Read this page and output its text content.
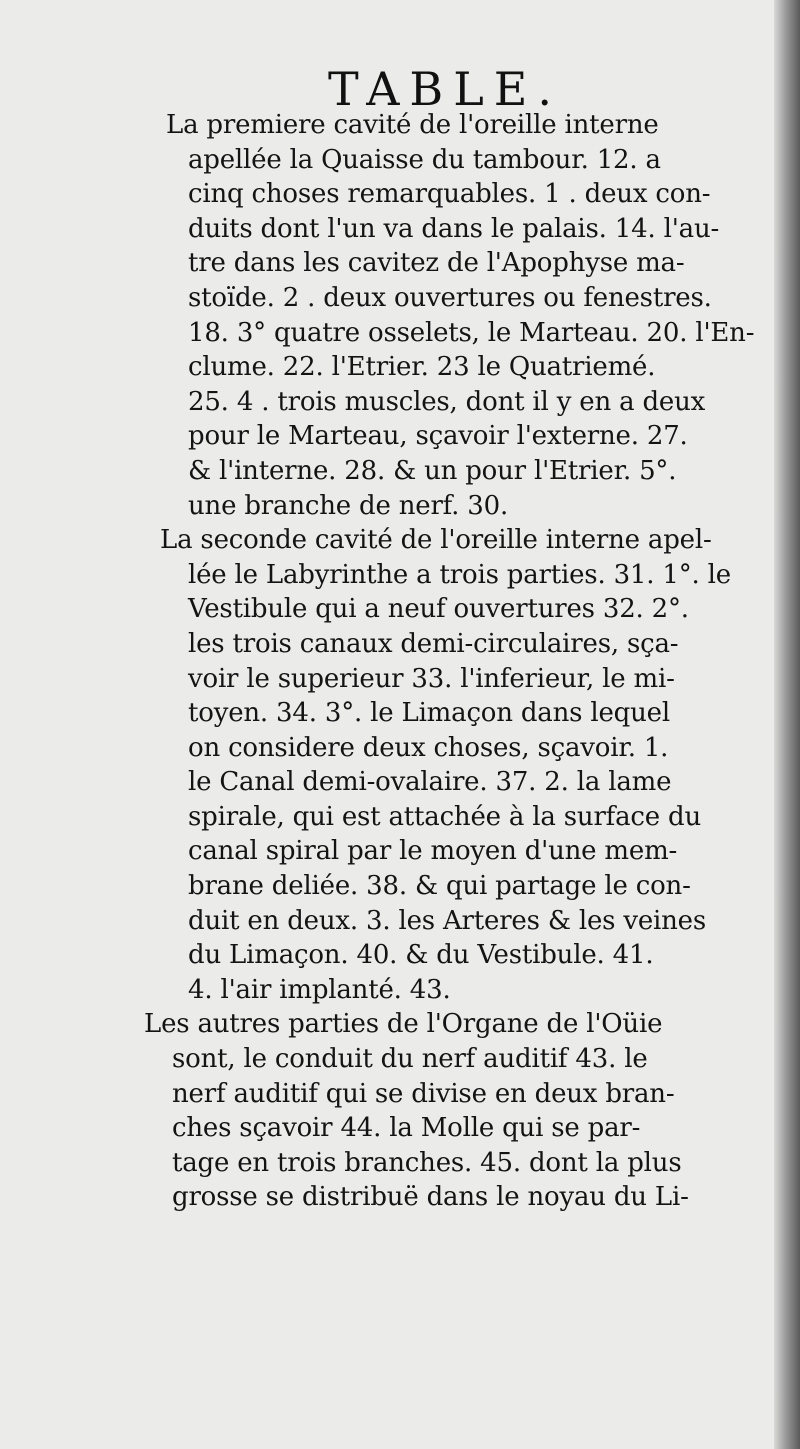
TABLE.
La premiere cavité de l'oreille interne
apellée la Quaisse du tambour. 12. a
cinq choses remarquables. 1 . deux con-
duits dont l'un va dans le palais. 14. l'au-
tre dans les cavitez de l'Apophyse ma-
stoïde. 2 . deux ouvertures ou fenestres.
18. 3° quatre osselets, le Marteau. 20. l'En-
clume. 22. l'Etrier. 23 le Quatriemé.
25. 4 . trois muscles, dont il y en a deux
pour le Marteau, sçavoir l'externe. 27.
& l'interne. 28. & un pour l'Etrier. 5°.
une branche de nerf. 30.
La seconde cavité de l'oreille interne apel-
lée le Labyrinthe a trois parties. 31. 1°. le
Vestibule qui a neuf ouvertures 32. 2°.
les trois canaux demi-circulaires, sça-
voir le superieur 33. l'inferieur, le mi-
toyen. 34. 3°. le Limaçon dans lequel
on considere deux choses, sçavoir. 1.
le Canal demi-ovalaire. 37. 2. la lame
spirale, qui est attachée à la surface du
canal spiral par le moyen d'une mem-
brane deliée. 38. & qui partage le con-
duit en deux. 3. les Arteres & les veines
du Limaçon. 40. & du Vestibule. 41.
4. l'air implanté. 43.
Les autres parties de l'Organe de l'Oüie
sont, le conduit du nerf auditif 43. le
nerf auditif qui se divise en deux bran-
ches sçavoir 44. la Molle qui se par-
tage en trois branches. 45. dont la plus
grosse se distribuë dans le noyau du Li-
